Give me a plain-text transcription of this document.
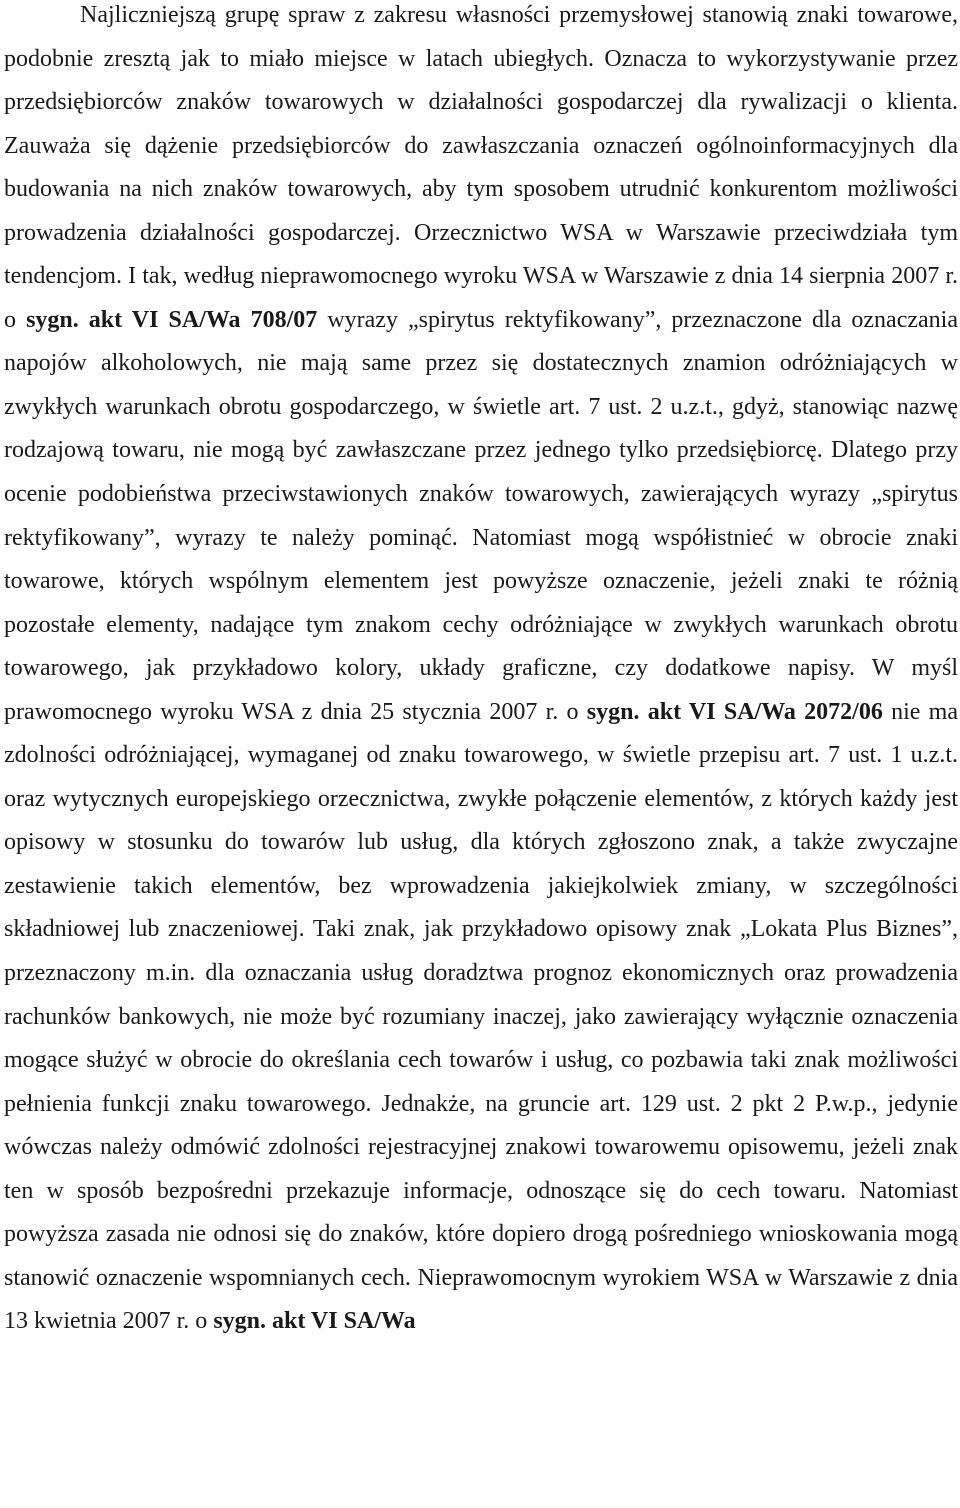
Najliczniejszą grupę spraw z zakresu własności przemysłowej stanowią znaki towarowe, podobnie zresztą jak to miało miejsce w latach ubiegłych. Oznacza to wykorzystywanie przez przedsiębiorców znaków towarowych w działalności gospodarczej dla rywalizacji o klienta. Zauważa się dążenie przedsiębiorców do zawłaszczania oznaczeń ogólnoinformacyjnych dla budowania na nich znaków towarowych, aby tym sposobem utrudnić konkurentom możliwości prowadzenia działalności gospodarczej. Orzecznictwo WSA w Warszawie przeciwdziała tym tendencjom. I tak, według nieprawomocnego wyroku WSA w Warszawie z dnia 14 sierpnia 2007 r. o sygn. akt VI SA/Wa 708/07 wyrazy „spirytus rektyfikowany”, przeznaczone dla oznaczania napojów alkoholowych, nie mają same przez się dostatecznych znamion odróżniających w zwykłych warunkach obrotu gospodarczego, w świetle art. 7 ust. 2 u.z.t., gdyż, stanowiąc nazwę rodzajową towaru, nie mogą być zawłaszczane przez jednego tylko przedsiębiorcę. Dlatego przy ocenie podobieństwa przeciwstawionych znaków towarowych, zawierających wyrazy „spirytus rektyfikowany”, wyrazy te należy pominąć. Natomiast mogą współistnieć w obrocie znaki towarowe, których wspólnym elementem jest powyższe oznaczenie, jeżeli znaki te różnią pozostałe elementy, nadające tym znakom cechy odróżniające w zwykłych warunkach obrotu towarowego, jak przykładowo kolory, układy graficzne, czy dodatkowe napisy. W myśl prawomocnego wyroku WSA z dnia 25 stycznia 2007 r. o sygn. akt VI SA/Wa 2072/06 nie ma zdolności odróżniającej, wymaganej od znaku towarowego, w świetle przepisu art. 7 ust. 1 u.z.t. oraz wytycznych europejskiego orzecznictwa, zwykłe połączenie elementów, z których każdy jest opisowy w stosunku do towarów lub usług, dla których zgłoszono znak, a także zwyczajne zestawienie takich elementów, bez wprowadzenia jakiejkolwiek zmiany, w szczególności składniowej lub znaczeniowej. Taki znak, jak przykładowo opisowy znak „Lokata Plus Biznes”, przeznaczony m.in. dla oznaczania usług doradztwa prognoz ekonomicznych oraz prowadzenia rachunków bankowych, nie może być rozumiany inaczej, jako zawierający wyłącznie oznaczenia mogące służyć w obrocie do określania cech towarów i usług, co pozbawia taki znak możliwości pełnienia funkcji znaku towarowego. Jednakże, na gruncie art. 129 ust. 2 pkt 2 P.w.p., jedynie wówczas należy odmówić zdolności rejestracyjnej znakowi towarowemu opisowemu, jeżeli znak ten w sposób bezpośredni przekazuje informacje, odnoszące się do cech towaru. Natomiast powyższa zasada nie odnosi się do znaków, które dopiero drogą pośredniego wnioskowania mogą stanowić oznaczenie wspomnianych cech. Nieprawomocnym wyrokiem WSA w Warszawie z dnia 13 kwietnia 2007 r. o sygn. akt VI SA/Wa
